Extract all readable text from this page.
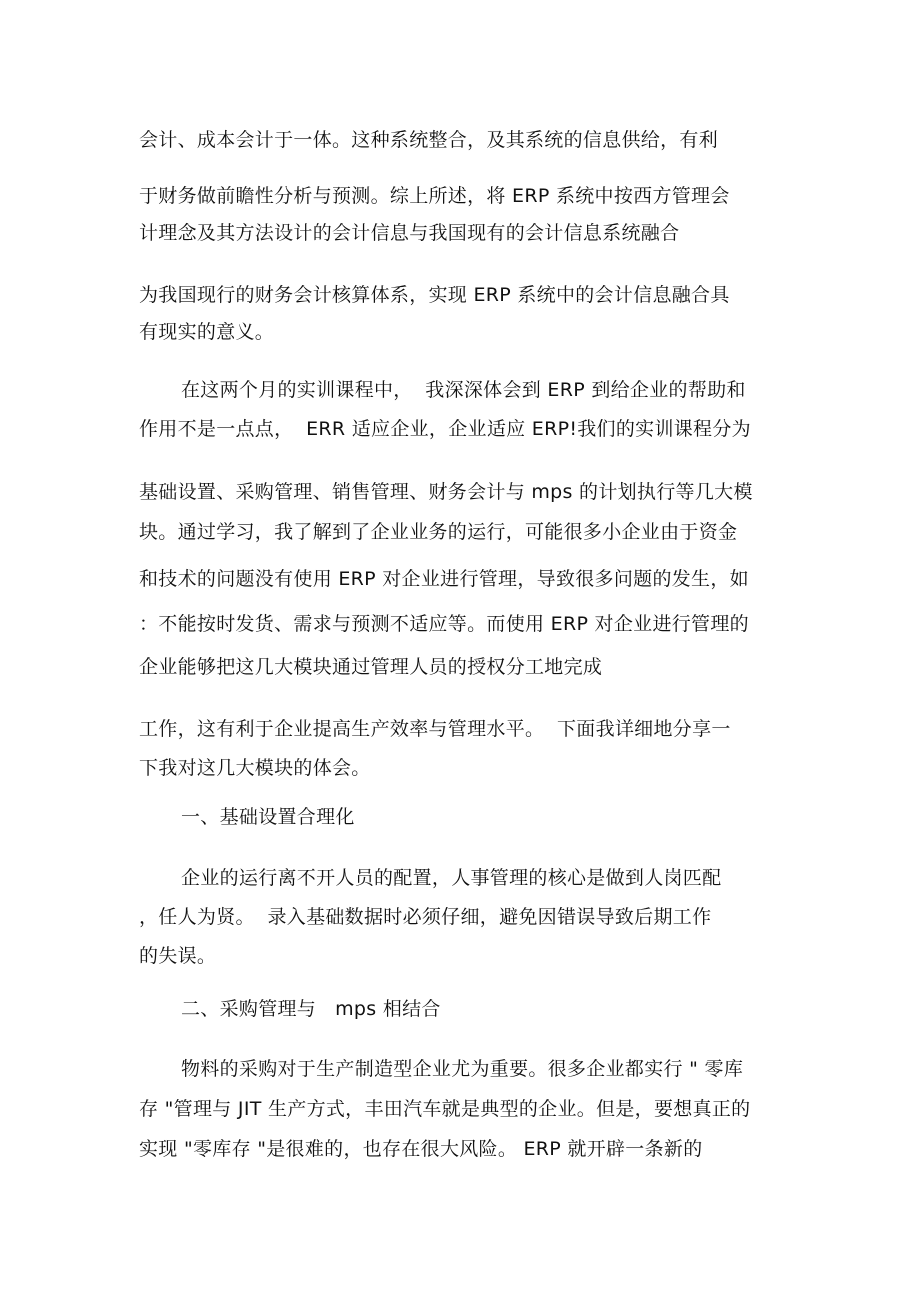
会计、成本会计于一体。这种系统整合，及其系统的信息供给，有利
于财务做前瞻性分析与预测。综上所述，将 ERP 系统中按西方管理会
计理念及其方法设计的会计信息与我国现有的会计信息系统融合
为我国现行的财务会计核算体系，实现 ERP 系统中的会计信息融合具
有现实的意义。
在这两个月的实训课程中，  我深深体会到 ERP 到给企业的帮助和
作用不是一点点，  ERR 适应企业，企业适应 ERP!我们的实训课程分为
基础设置、采购管理、销售管理、财务会计与 mps 的计划执行等几大模
块。通过学习，我了解到了企业业务的运行，可能很多小企业由于资金
和技术的问题没有使用 ERP 对企业进行管理，导致很多问题的发生，如
：不能按时发货、需求与预测不适应等。而使用 ERP 对企业进行管理的
企业能够把这几大模块通过管理人员的授权分工地完成
工作，这有利于企业提高生产效率与管理水平。  下面我详细地分享一
下我对这几大模块的体会。
一、基础设置合理化
企业的运行离不开人员的配置，人事管理的核心是做到人岗匹配
，任人为贤。  录入基础数据时必须仔细，避免因错误导致后期工作
的失误。
二、采购管理与   mps 相结合
物料的采购对于生产制造型企业尤为重要。很多企业都实行 " 零库
存 "管理与 JIT 生产方式，丰田汽车就是典型的企业。但是，要想真正的
实现 "零库存 "是很难的，也存在很大风险。 ERP 就开辟一条新的
